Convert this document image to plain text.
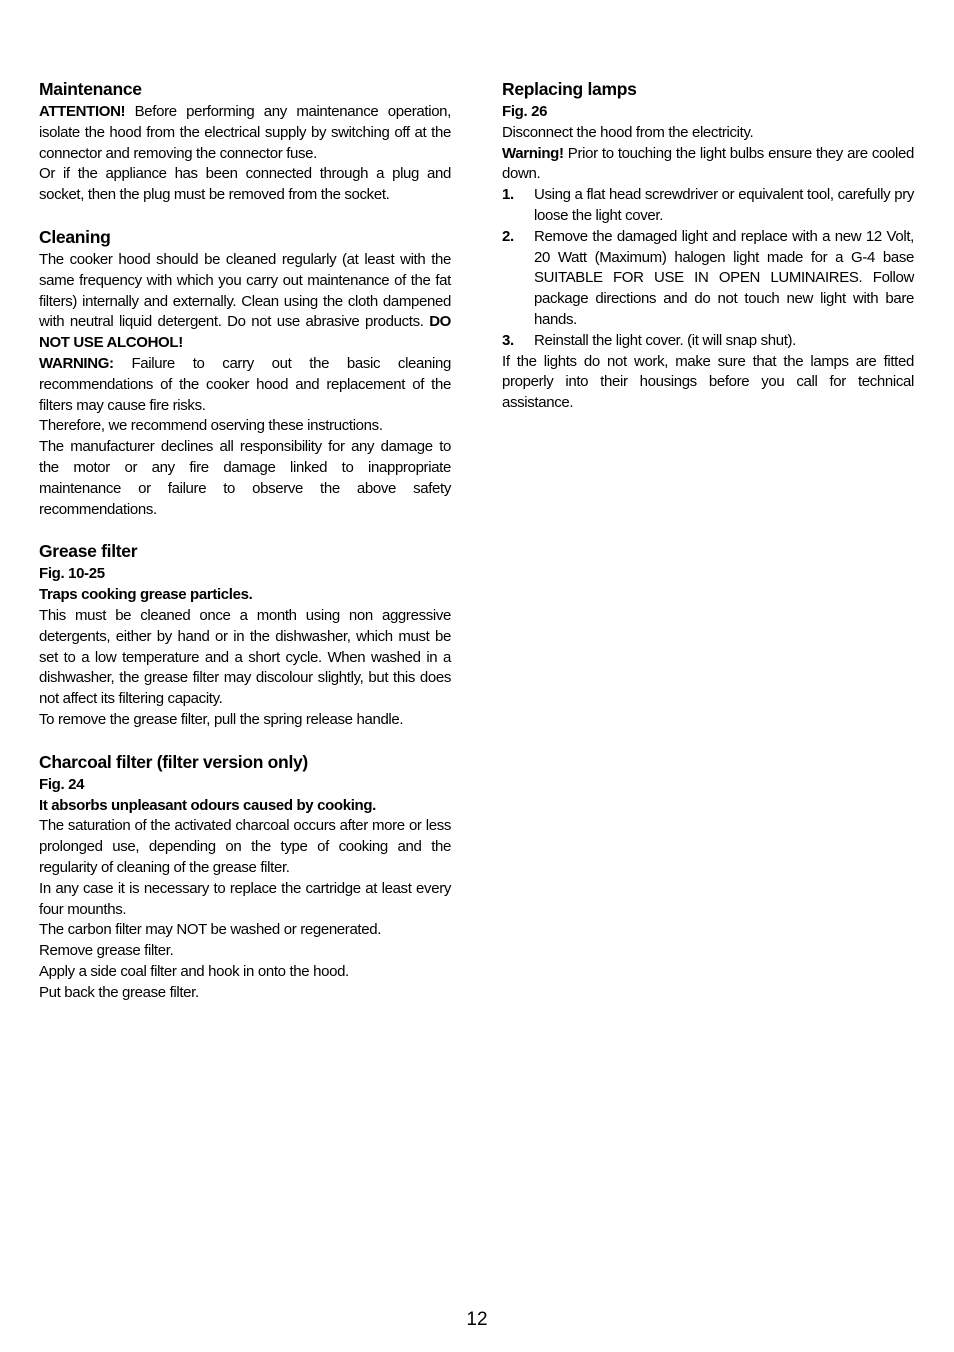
Maintenance

ATTENTION! Before performing any maintenance operation, isolate the hood from the electrical supply by switching off at the connector and removing the connector fuse.

Or if the appliance has been connected through a plug and socket, then the plug must be removed from the socket.

Cleaning

The cooker hood should be cleaned regularly (at least with the same frequency with which you carry out maintenance of the fat filters) internally and externally. Clean using the cloth dampened with neutral liquid detergent. Do not use abrasive products. DO NOT USE ALCOHOL!

WARNING: Failure to carry out the basic cleaning recommendations of the cooker hood and replacement of the filters may cause fire risks.

Therefore, we recommend oserving these instructions.

The manufacturer declines all responsibility for any damage to the motor or any fire damage linked to inappropriate maintenance or failure to observe the above safety recommendations.

Grease filter
Fig. 10-25
Traps cooking grease particles.

This must be cleaned once a month using non aggressive detergents, either by hand or in the dishwasher, which must be set to a low temperature and a short cycle. When washed in a dishwasher, the grease filter may discolour slightly, but this does not affect its filtering capacity.

To remove the grease filter, pull the spring release handle.

Charcoal filter (filter version only)
Fig. 24
It absorbs unpleasant odours caused by cooking.

The saturation of the activated charcoal occurs after more or less prolonged use, depending on the type of cooking and the regularity of cleaning of the grease filter.

In any case it is necessary to replace the cartridge at least every four mounths.

The carbon filter may NOT be washed or regenerated.

Remove grease filter.

Apply a side coal filter and hook in onto the hood.

Put back the grease filter.

Replacing lamps
Fig. 26

Disconnect the hood from the electricity.

Warning! Prior to touching the light bulbs ensure they are cooled down.

1. Using a flat head screwdriver or equivalent tool, carefully pry loose the light cover.
2. Remove the damaged light and replace with a new 12 Volt, 20 Watt (Maximum) halogen light made for a G-4 base SUITABLE FOR USE IN OPEN LUMINAIRES. Follow package directions and do not touch new light with bare hands.
3. Reinstall the light cover. (it will snap shut).

If the lights do not work, make sure that the lamps are fitted properly into their housings before you call for technical assistance.

12
